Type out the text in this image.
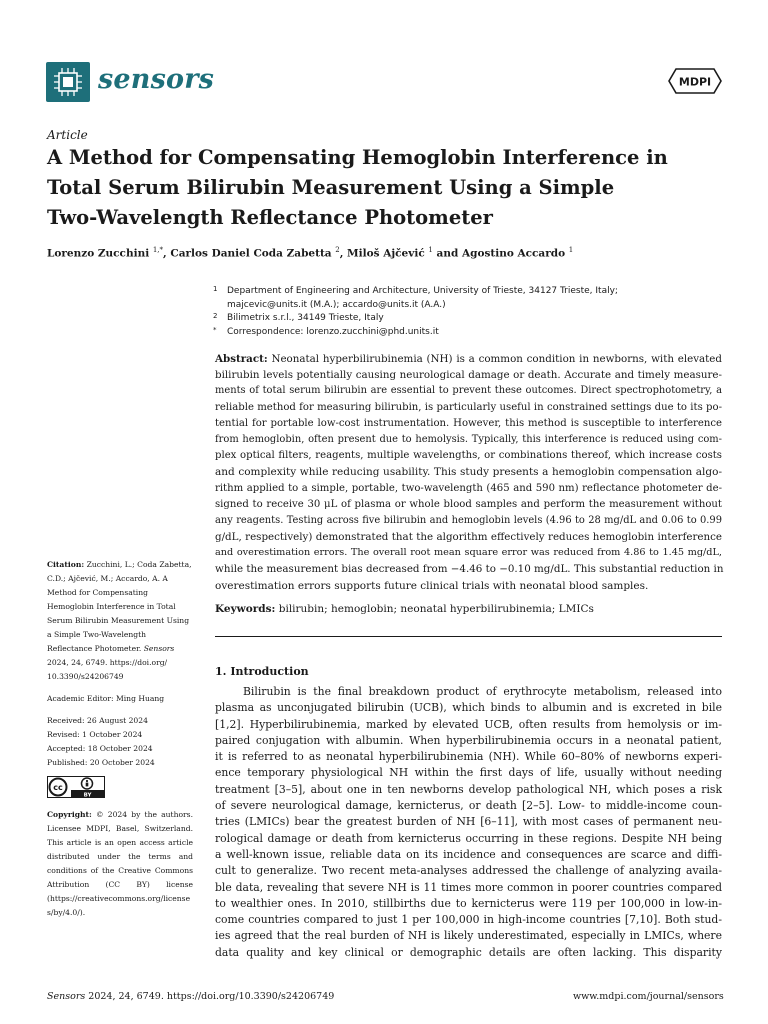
sensors	MDPI
Article
A Method for Compensating Hemoglobin Interference in
Total Serum Bilirubin Measurement Using a Simple
Two-Wavelength Reflectance Photometer
Lorenzo Zucchini $^{1,*}$, Carlos Daniel Coda Zabetta $^2$, Miloš Ajčević $^1$ and Agostino Accardo $^1$
1 Department of Engineering and Architecture, University of Trieste, 34127 Trieste, Italy;
majcevic@units.it (M.A.); accardo@units.it (A.A.)
2 Bilimetrix s.r.l., 34149 Trieste, Italy
* Correspondence: lorenzo.zucchini@phd.units.it
Abstract: Neonatal hyperbilirubinemia (NH) is a common condition in newborns, with elevated
bilirubin levels potentially causing neurological damage or death. Accurate and timely measure-
ments of total serum bilirubin are essential to prevent these outcomes. Direct spectrophotometry, a
reliable method for measuring bilirubin, is particularly useful in constrained settings due to its po-
tential for portable low-cost instrumentation. However, this method is susceptible to interference
from hemoglobin, often present due to hemolysis. Typically, this interference is reduced using com-
plex optical filters, reagents, multiple wavelengths, or combinations thereof, which increase costs
and complexity while reducing usability. This study presents a hemoglobin compensation algo-
rithm applied to a simple, portable, two-wavelength (465 and 590 nm) reflectance photometer de-
signed to receive 30 μL of plasma or whole blood samples and perform the measurement without
any reagents. Testing across five bilirubin and hemoglobin levels (4.96 to 28 mg/dL and 0.06 to 0.99
g/dL, respectively) demonstrated that the algorithm effectively reduces hemoglobin interference
and overestimation errors. The overall root mean square error was reduced from 4.86 to 1.45 mg/dL,
while the measurement bias decreased from −4.46 to −0.10 mg/dL. This substantial reduction in
overestimation errors supports future clinical trials with neonatal blood samples.
Keywords: bilirubin; hemoglobin; neonatal hyperbilirubinemia; LMICs
Citation: Zucchini, L.; Coda Zabetta,
C.D.; Ajčević, M.; Accardo, A. A
Method for Compensating
Hemoglobin Interference in Total
Serum Bilirubin Measurement Using
a Simple Two-Wavelength
Reflectance Photometer. Sensors
2024, 24, 6749. https://doi.org/
10.3390/s24206749
Academic Editor: Ming Huang
Received: 26 August 2024
Revised: 1 October 2024
Accepted: 18 October 2024
Published: 20 October 2024
cc
BY
Copyright: © 2024 by the authors.
Licensee MDPI, Basel, Switzerland.
This article is an open access article
distributed under the terms and
conditions of the Creative Commons
Attribution (CC BY) license
(https://creativecommons.org/license
s/by/4.0/).
1. Introduction
Bilirubin is the final breakdown product of erythrocyte metabolism, released into
plasma as unconjugated bilirubin (UCB), which binds to albumin and is excreted in bile
[1,2]. Hyperbilirubinemia, marked by elevated UCB, often results from hemolysis or im-
paired conjugation with albumin. When hyperbilirubinemia occurs in a neonatal patient,
it is referred to as neonatal hyperbilirubinemia (NH). While 60–80% of newborns experi-
ence temporary physiological NH within the first days of life, usually without needing
treatment [3–5], about one in ten newborns develop pathological NH, which poses a risk
of severe neurological damage, kernicterus, or death [2–5]. Low- to middle-income coun-
tries (LMICs) bear the greatest burden of NH [6–11], with most cases of permanent neu-
rological damage or death from kernicterus occurring in these regions. Despite NH being
a well-known issue, reliable data on its incidence and consequences are scarce and diffi-
cult to generalize. Two recent meta-analyses addressed the challenge of analyzing availa-
ble data, revealing that severe NH is 11 times more common in poorer countries compared
to wealthier ones. In 2010, stillbirths due to kernicterus were 119 per 100,000 in low-in-
come countries compared to just 1 per 100,000 in high-income countries [7,10]. Both stud-
ies agreed that the real burden of NH is likely underestimated, especially in LMICs, where
data quality and key clinical or demographic details are often lacking. This disparity
Sensors 2024, 24, 6749. https://doi.org/10.3390/s24206749	www.mdpi.com/journal/sensors
